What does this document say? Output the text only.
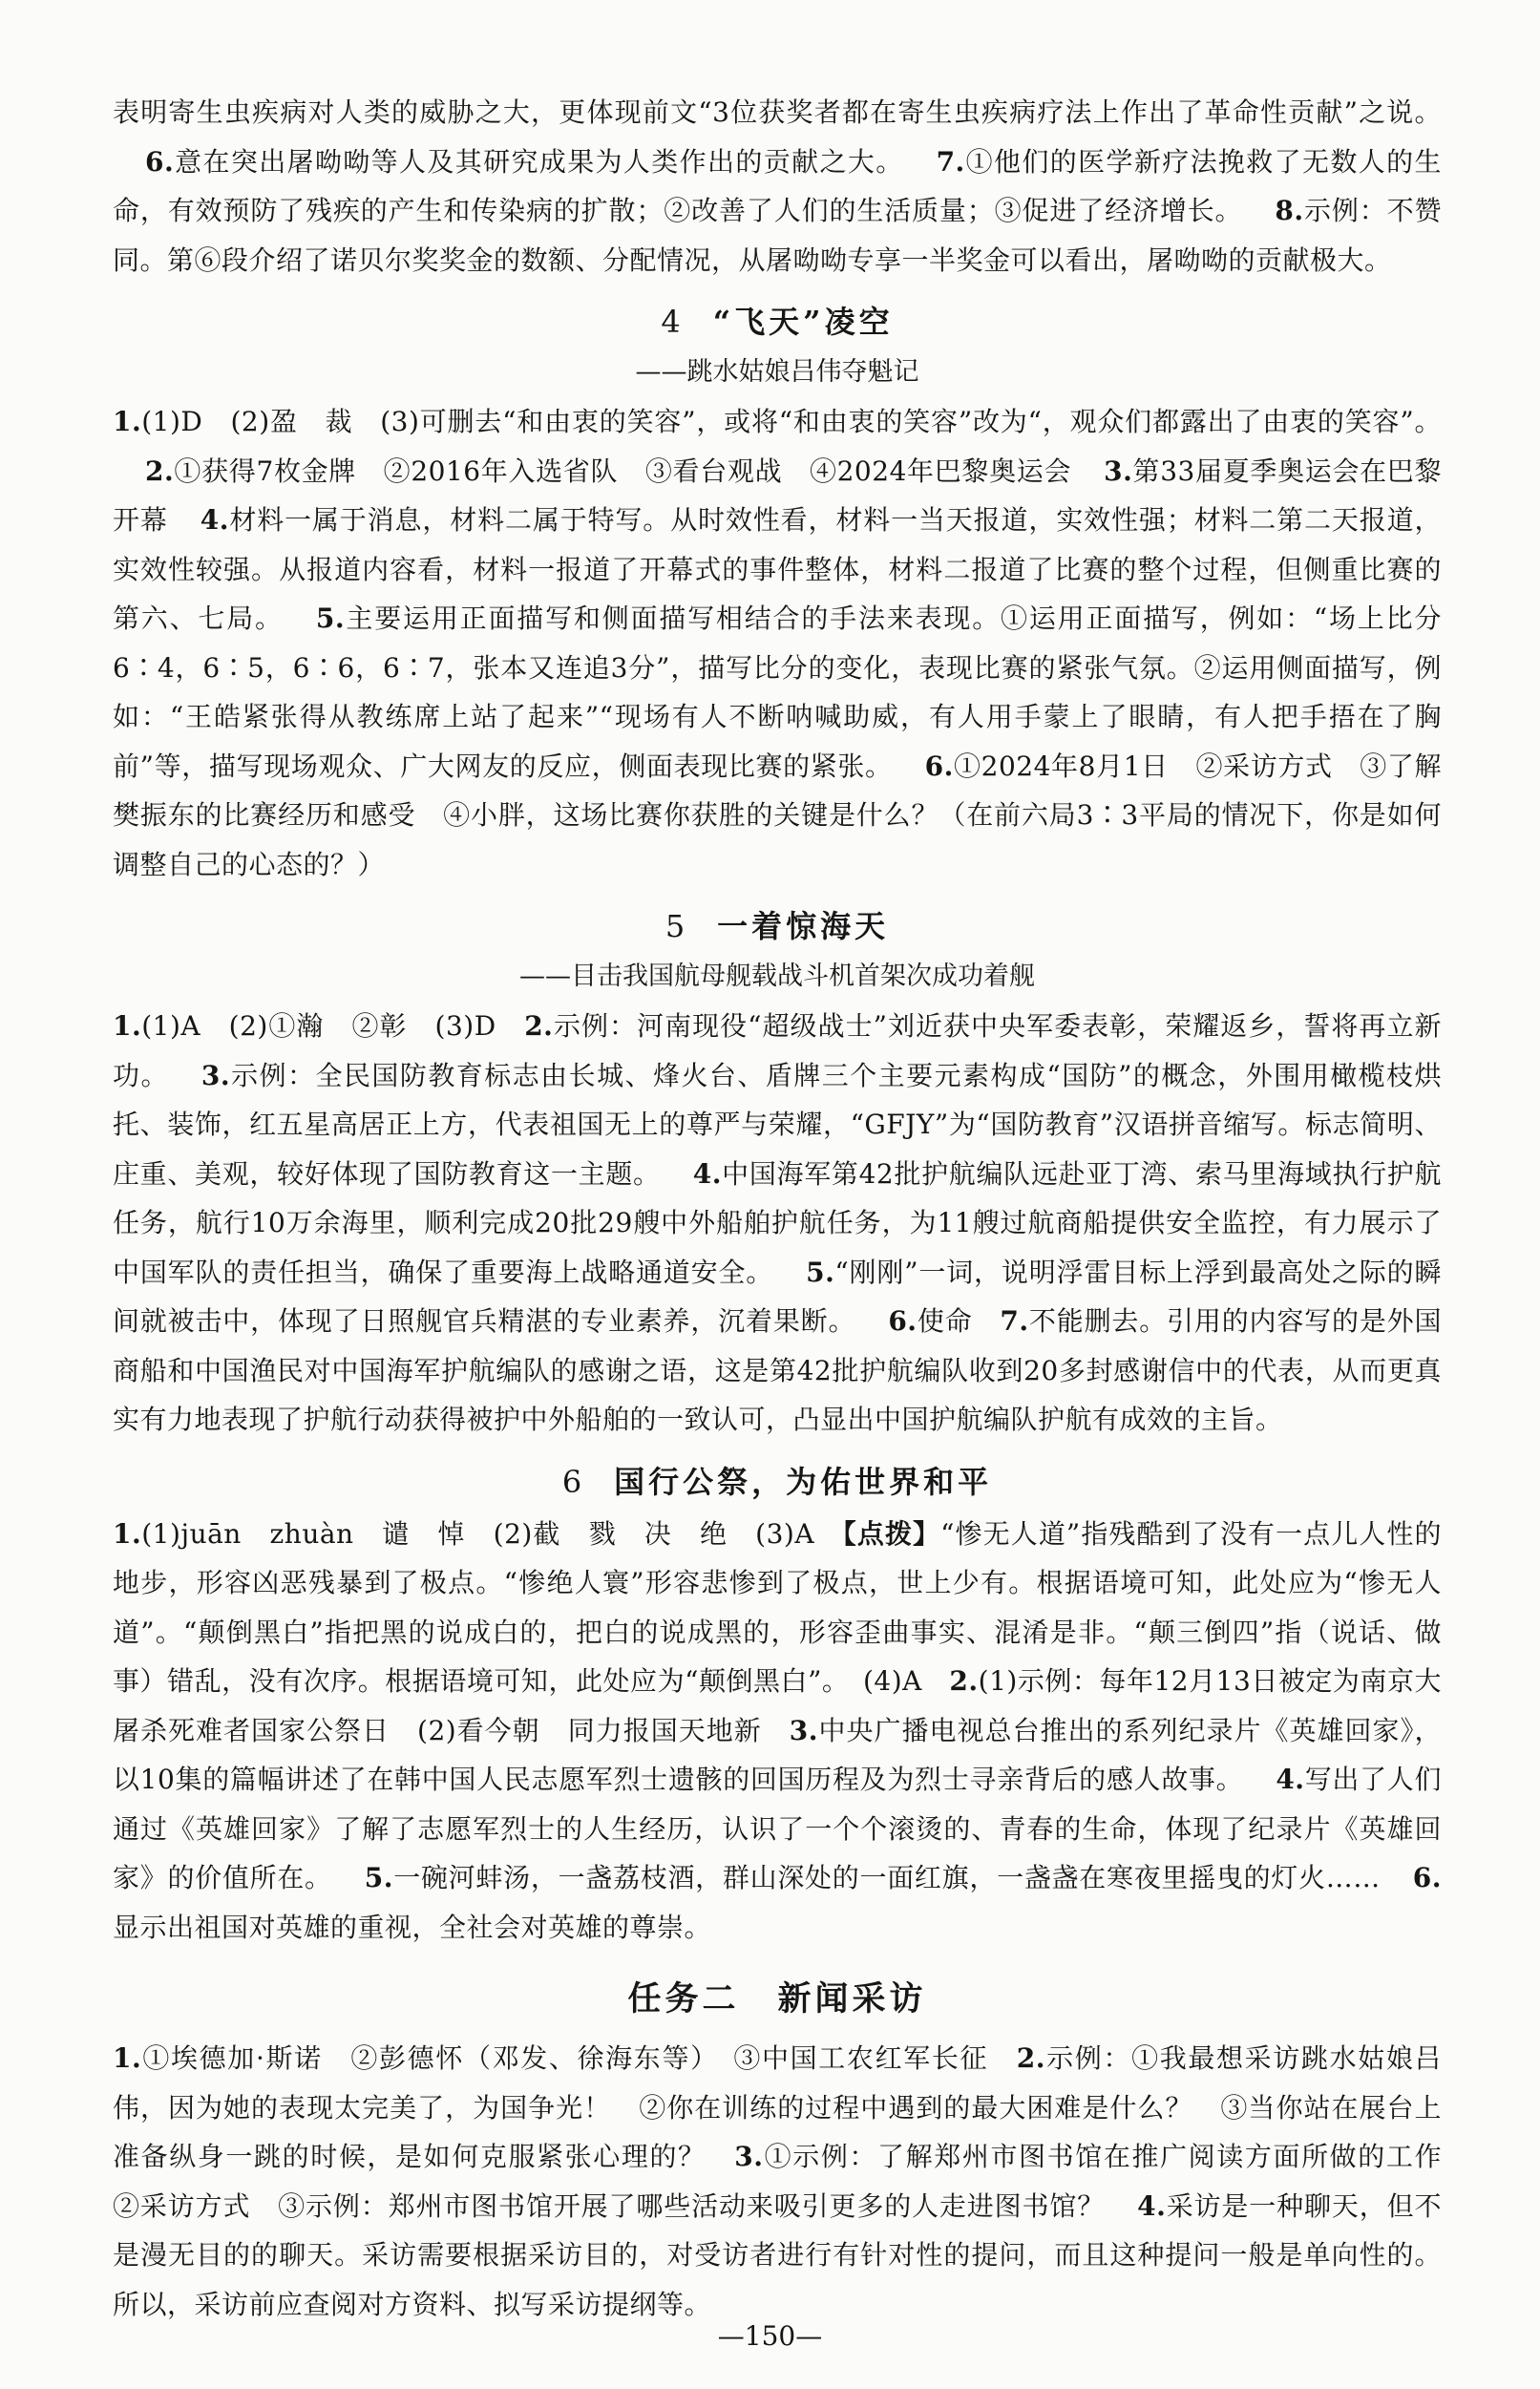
表明寄生虫疾病对人类的威胁之大，更体现前文“3位获奖者都在寄生虫疾病疗法上作出了革命性贡献”之说。6.意在突出屠呦呦等人及其研究成果为人类作出的贡献之大。 7.①他们的医学新疗法挽救了无数人的生命，有效预防了残疾的产生和传染病的扩散；②改善了人们的生活质量；③促进了经济增长。 8.示例：不赞同。第⑥段介绍了诺贝尔奖奖金的数额、分配情况，从屠呦呦专享一半奖金可以看出，屠呦呦的贡献极大。

4 “飞天”凌空
——跳水姑娘吕伟夺魁记

1.(1)D　(2)盈　裁　(3)可删去“和由衷的笑容”，或将“和由衷的笑容”改为“，观众们都露出了由衷的笑容”。2.①获得7枚金牌　②2016年入选省队　③看台观战　④2024年巴黎奥运会 3.第33届夏季奥运会在巴黎开幕 4.材料一属于消息，材料二属于特写。从时效性看，材料一当天报道，实效性强；材料二第二天报道，实效性较强。从报道内容看，材料一报道了开幕式的事件整体，材料二报道了比赛的整个过程，但侧重比赛的第六、七局。 5.主要运用正面描写和侧面描写相结合的手法来表现。①运用正面描写，例如：“场上比分6∶4，6∶5，6∶6，6∶7，张本又连追3分”，描写比分的变化，表现比赛的紧张气氛。②运用侧面描写，例如：“王皓紧张得从教练席上站了起来”“现场有人不断呐喊助威，有人用手蒙上了眼睛，有人把手捂在了胸前”等，描写现场观众、广大网友的反应，侧面表现比赛的紧张。 6.①2024年8月1日　②采访方式　③了解樊振东的比赛经历和感受　④小胖，这场比赛你获胜的关键是什么？（在前六局3∶3平局的情况下，你是如何调整自己的心态的？）

5 一着惊海天
——目击我国航母舰载战斗机首架次成功着舰

1.(1)A　(2)①瀚　②彰　(3)D　2.示例：河南现役“超级战士”刘近获中央军委表彰，荣耀返乡，誓将再立新功。 3.示例：全民国防教育标志由长城、烽火台、盾牌三个主要元素构成“国防”的概念，外围用橄榄枝烘托、装饰，红五星高居正上方，代表祖国无上的尊严与荣耀，“GFJY”为“国防教育”汉语拼音缩写。标志简明、庄重、美观，较好体现了国防教育这一主题。 4.中国海军第42批护航编队远赴亚丁湾、索马里海域执行护航任务，航行10万余海里，顺利完成20批29艘中外船舶护航任务，为11艘过航商船提供安全监控，有力展示了中国军队的责任担当，确保了重要海上战略通道安全。 5.“刚刚”一词，说明浮雷目标上浮到最高处之际的瞬间就被击中，体现了日照舰官兵精湛的专业素养，沉着果断。 6.使命　7.不能删去。引用的内容写的是外国商船和中国渔民对中国海军护航编队的感谢之语，这是第42批护航编队收到20多封感谢信中的代表，从而更真实有力地表现了护航行动获得被护中外船舶的一致认可，凸显出中国护航编队护航有成效的主旨。

6 国行公祭，为佑世界和平

1.(1)juān　zhuàn　谴　悼　(2)截　戮　决　绝　(3)A　【点拨】“惨无人道”指残酷到了没有一点儿人性的地步，形容凶恶残暴到了极点。“惨绝人寰”形容悲惨到了极点，世上少有。根据语境可知，此处应为“惨无人道”。“颠倒黑白”指把黑的说成白的，把白的说成黑的，形容歪曲事实、混淆是非。“颠三倒四”指（说话、做事）错乱，没有次序。根据语境可知，此处应为“颠倒黑白”。　(4)A　2.(1)示例：每年12月13日被定为南京大屠杀死难者国家公祭日　(2)看今朝　同力报国天地新　3.中央广播电视总台推出的系列纪录片《英雄回家》，以10集的篇幅讲述了在韩中国人民志愿军烈士遗骸的回国历程及为烈士寻亲背后的感人故事。 4.写出了人们通过《英雄回家》了解了志愿军烈士的人生经历，认识了一个个滚烫的、青春的生命，体现了纪录片《英雄回家》的价值所在。 5.一碗河蚌汤，一盏荔枝酒，群山深处的一面红旗，一盏盏在寒夜里摇曳的灯火…… 6.显示出祖国对英雄的重视，全社会对英雄的尊崇。

任务二 新闻采访

1.①埃德加·斯诺　②彭德怀（邓发、徐海东等）　③中国工农红军长征　2.示例：①我最想采访跳水姑娘吕伟，因为她的表现太完美了，为国争光！　②你在训练的过程中遇到的最大困难是什么？　③当你站在展台上准备纵身一跳的时候，是如何克服紧张心理的？　3.①示例：了解郑州市图书馆在推广阅读方面所做的工作　②采访方式　③示例：郑州市图书馆开展了哪些活动来吸引更多的人走进图书馆？ 4.采访是一种聊天，但不是漫无目的的聊天。采访需要根据采访目的，对受访者进行有针对性的提问，而且这种提问一般是单向性的。所以，采访前应查阅对方资料、拟写采访提纲等。

—150—
